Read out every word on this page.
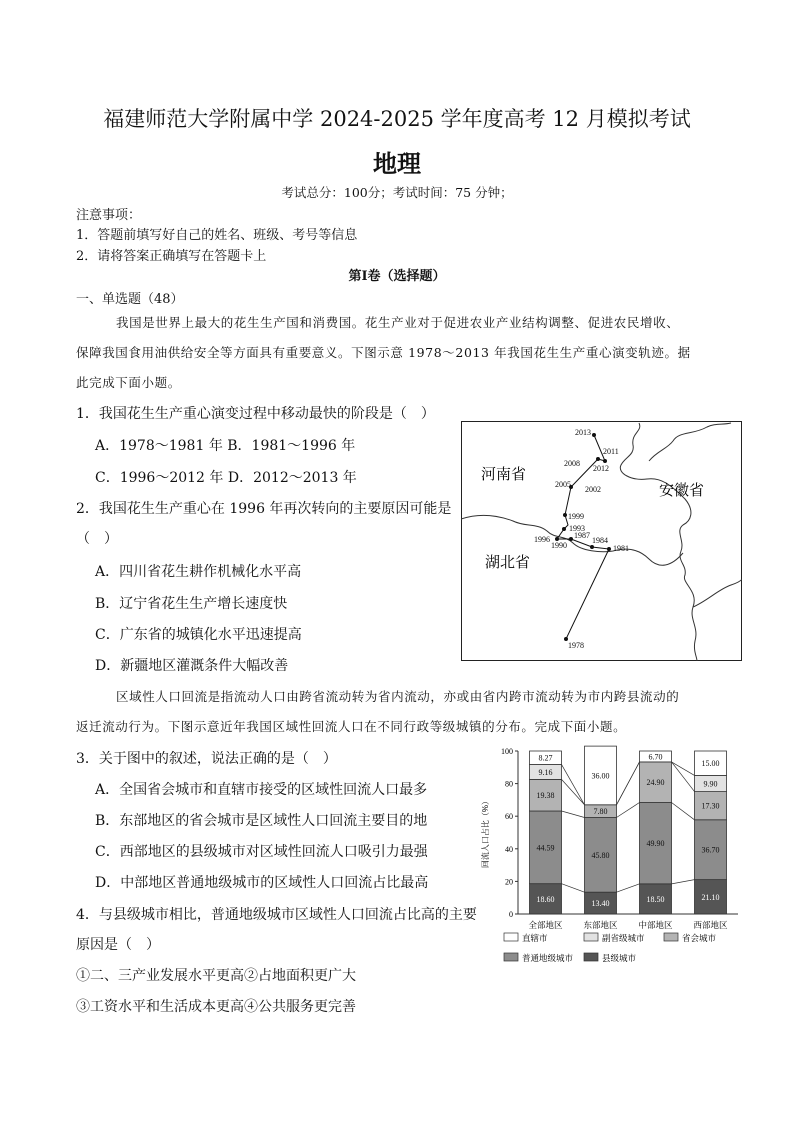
福建师范大学附属中学 2024-2025 学年度高考 12 月模拟考试

地理

考试总分：100分；考试时间：75 分钟；

注意事项：

1．答题前填写好自己的姓名、班级、考号等信息

2．请将答案正确填写在答题卡上

第Ⅰ卷（选择题）

一、单选题（48）

我国是世界上最大的花生生产国和消费国。花生产业对于促进农业产业结构调整、促进农民增收、

保障我国食用油供给安全等方面具有重要意义。下图示意 1978～2013 年我国花生生产重心演变轨迹。据

此完成下面小题。

1．我国花生生产重心演变过程中移动最快的阶段是（　）

A．1978～1981 年 B．1981～1996 年

C．1996～2012 年 D．2012～2013 年

2．我国花生生产重心在 1996 年再次转向的主要原因可能是

（　）

A．四川省花生耕作机械化水平高

B．辽宁省花生生产增长速度快

C．广东省的城镇化水平迅速提高

D．新疆地区灌溉条件大幅改善

河南省
安徽省
湖北省
2013
2011
2008
2012
2005
2002
1999
1993
1987
1984
1996
1990	1981
1978

区域性人口回流是指流动人口由跨省流动转为省内流动，亦或由省内跨市流动转为市内跨县流动的

返迁流动行为。下图示意近年我国区域性回流人口在不同行政等级城镇的分布。完成下面小题。

3．关于图中的叙述，说法正确的是（　）

A．全国省会城市和直辖市接受的区域性回流人口最多

B．东部地区的省会城市是区域性人口回流主要目的地

C．西部地区的县级城市对区域性回流人口吸引力最强

D．中部地区普通地级城市的区域性人口回流占比最高

4．与县级城市相比，普通地级城市区域性人口回流占比高的主要

原因是（　）

①二、三产业发展水平更高②占地面积更广大

③工资水平和生活成本更高④公共服务更完善

0
20
40
60
80
100
回流人口占比（%）
18.60
44.59
19.38
9.16
8.27
全部地区
13.40
45.80
7.80
36.00
东部地区
18.50
49.90
24.90
6.70
中部地区
21.10
36.70
17.30
9.90
15.00
西部地区
直辖市	副省级城市	省会城市
普通地级城市	县级城市
